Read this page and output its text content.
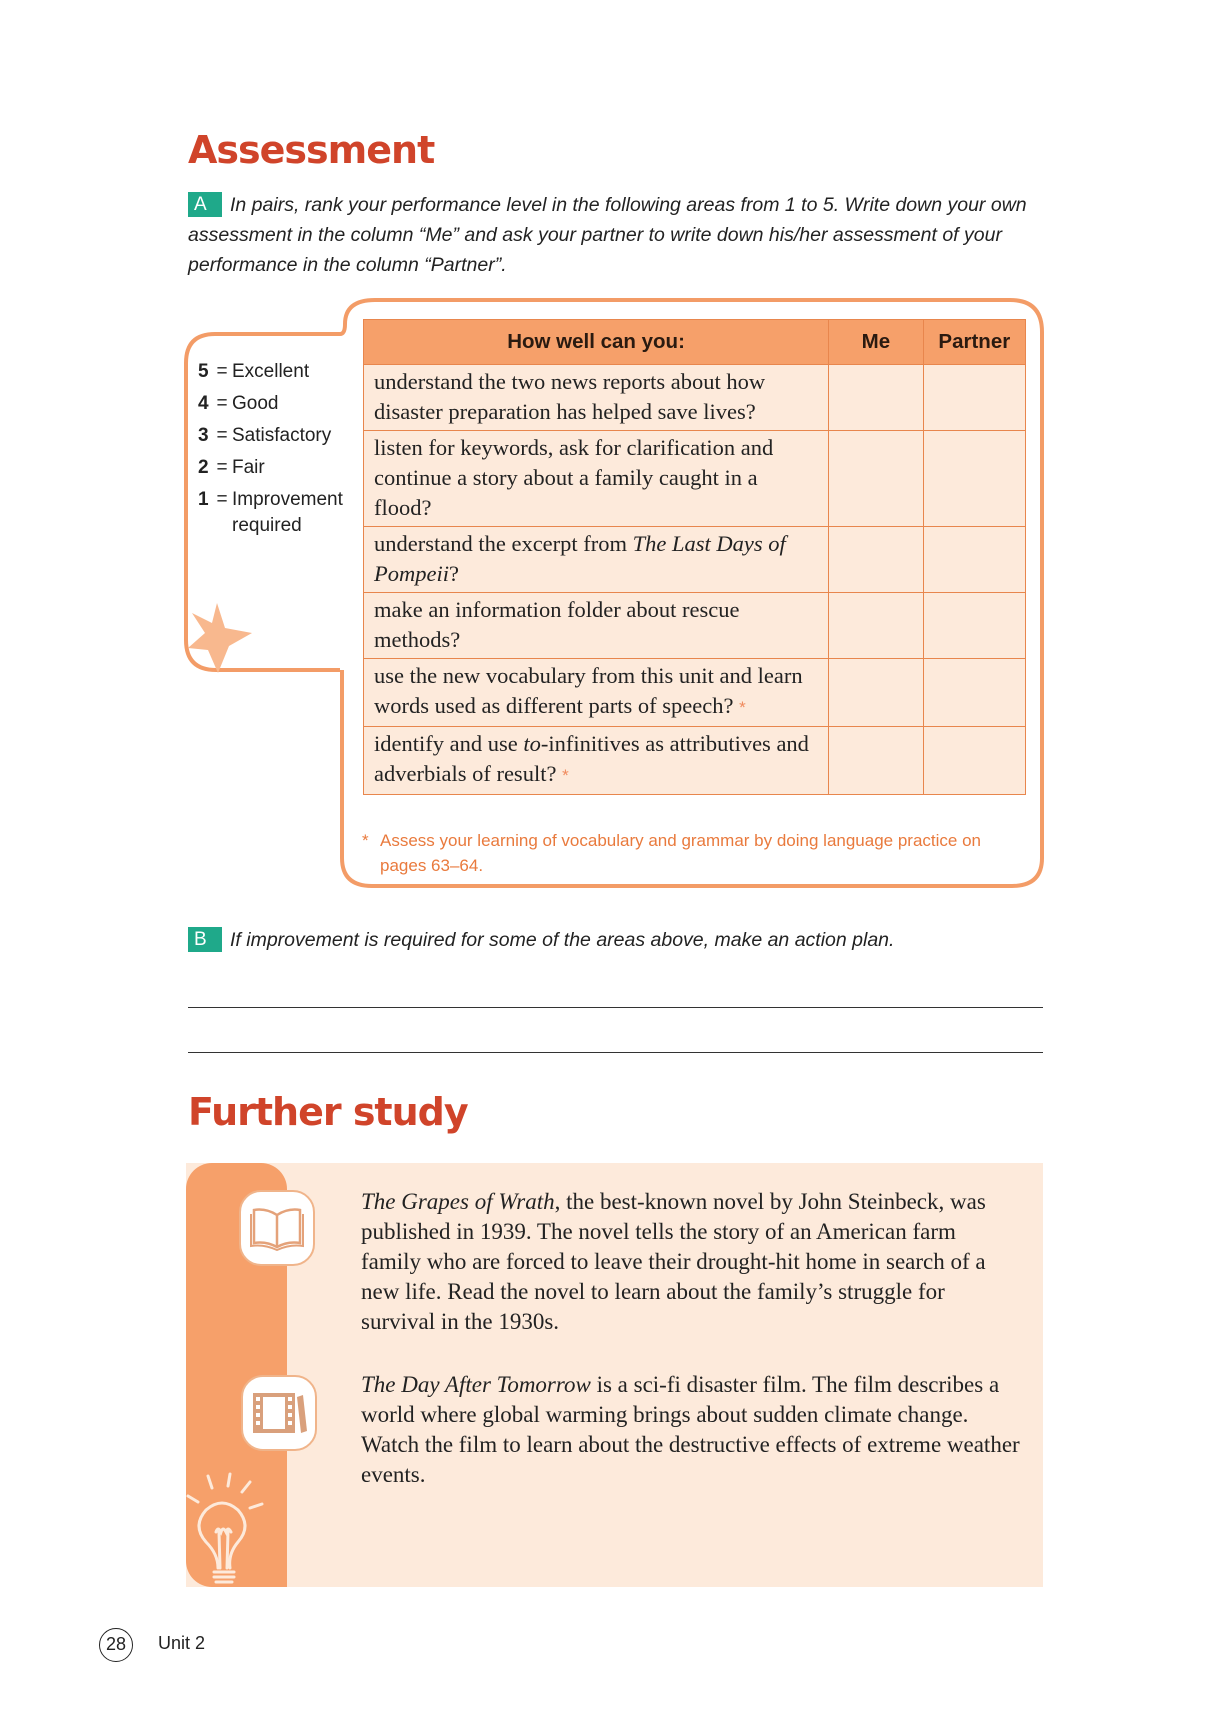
Assessment
A In pairs, rank your performance level in the following areas from 1 to 5. Write down your own assessment in the column “Me” and ask your partner to write down his/her assessment of your performance in the column “Partner”.
5 = Excellent
4 = Good
3 = Satisfactory
2 = Fair
1 = Improvement required
How well can you:	Me	Partner
understand the two news reports about how disaster preparation has helped save lives?		
listen for keywords, ask for clarification and continue a story about a family caught in a flood?		
understand the excerpt from The Last Days of Pompeii?		
make an information folder about rescue methods?		
use the new vocabulary from this unit and learn words used as different parts of speech? *		
identify and use to-infinitives as attributives and adverbials of result? *		
* Assess your learning of vocabulary and grammar by doing language practice on
pages 63–64.
B If improvement is required for some of the areas above, make an action plan.
Further study
The Grapes of Wrath, the best-known novel by John Steinbeck, was published in 1939. The novel tells the story of an American farm family who are forced to leave their drought-hit home in search of a new life. Read the novel to learn about the family’s struggle for survival in the 1930s.
The Day After Tomorrow is a sci-fi disaster film. The film describes a world where global warming brings about sudden climate change. Watch the film to learn about the destructive effects of extreme weather events.
28	Unit 2
